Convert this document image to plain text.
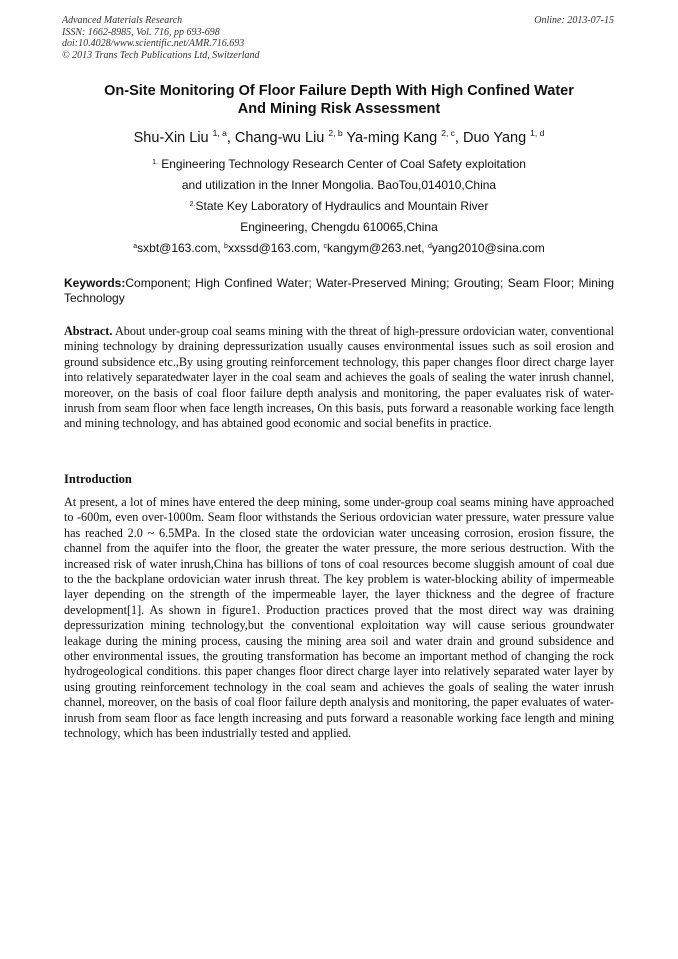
Advanced Materials Research
ISSN: 1662-8985, Vol. 716, pp 693-698
doi:10.4028/www.scientific.net/AMR.716.693
© 2013 Trans Tech Publications Ltd, Switzerland
Online: 2013-07-15
On-Site Monitoring Of Floor Failure Depth With High Confined Water
And Mining Risk Assessment
Shu-Xin Liu $^{1, a}$, Chang-wu Liu $^{2, b}$ Ya-ming Kang $^{2, c}$, Duo Yang $^{1, d}$
$^{1.}$ Engineering Technology Research Center of Coal Safety exploitation
and utilization in the Inner Mongolia. BaoTou,014010,China
$^{2.}$State Key Laboratory of Hydraulics and Mountain River
Engineering, Chengdu 610065,China
$^a$sxbt@163.com, $^b$xxssd@163.com, $^c$kangym@263.net, $^d$yang2010@sina.com
Keywords:Component; High Confined Water; Water-Preserved Mining; Grouting; Seam Floor; Mining Technology
Abstract. About under-group coal seams mining with the threat of high-pressure ordovician water, conventional mining technology by draining depressurization usually causes environmental issues such as soil erosion and ground subsidence etc.,By using grouting reinforcement technology, this paper changes floor direct charge layer into relatively separatedwater layer in the coal seam and achieves the goals of sealing the water inrush channel, moreover, on the basis of coal floor failure depth analysis and monitoring, the paper evaluates risk of water-inrush from seam floor when face length increases, On this basis, puts forward a reasonable working face length and mining technology, and has abtained good economic and social benefits in practice.
Introduction
At present, a lot of mines have entered the deep mining, some under-group coal seams mining have approached to -600m, even over-1000m. Seam floor withstands the Serious ordovician water pressure, water pressure value has reached 2.0 ~ 6.5MPa. In the closed state the ordovician water unceasing corrosion, erosion fissure, the channel from the aquifer into the floor, the greater the water pressure, the more serious destruction. With the increased risk of water inrush,China has billions of tons of coal resources become sluggish amount of coal due to the the backplane ordovician water inrush threat. The key problem is water-blocking ability of impermeable layer depending on the strength of the impermeable layer, the layer thickness and the degree of fracture development[1]. As shown in figure1. Production practices proved that the most direct way was draining depressurization mining technology,but the conventional exploitation way will cause serious groundwater leakage during the mining process, causing the mining area soil and water drain and ground subsidence and other environmental issues, the grouting transformation has become an important method of changing the rock hydrogeological conditions. this paper changes floor direct charge layer into relatively separated water layer by using grouting reinforcement technology in the coal seam and achieves the goals of sealing the water inrush channel, moreover, on the basis of coal floor failure depth analysis and monitoring, the paper evaluates of water-inrush from seam floor as face length increasing and puts forward a reasonable working face length and mining technology, which has been industrially tested and applied.
